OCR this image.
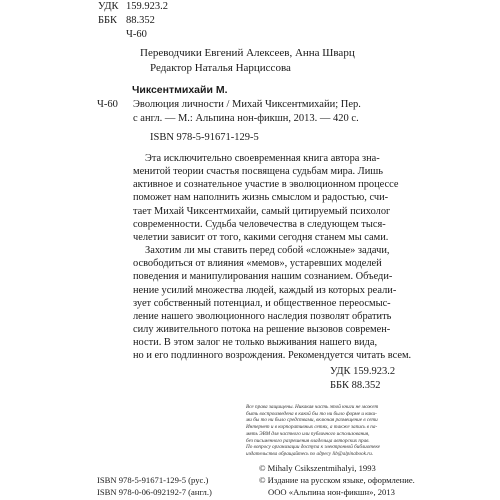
УДК 159.923.2
ББК 88.352
Ч-60
Переводчики Евгений Алексеев, Анна Шварц
Редактор Наталья Нарциссова
Чиксентмихайи М.
Ч-60 Эволюция личности / Михай Чиксентмихайи; Пер.
с англ. — М.: Альпина нон-фикшн, 2013. — 420 с.
ISBN 978-5-91671-129-5
Эта исключительно своевременная книга автора зна-
менитой теории счастья посвящена судьбам мира. Лишь
активное и сознательное участие в эволюционном процессе
поможет нам наполнить жизнь смыслом и радостью, счи-
тает Михай Чиксентмихайи, самый цитируемый психолог
современности. Судьба человечества в следующем тыся-
челетии зависит от того, какими сегодня станем мы сами.
Захотим ли мы ставить перед собой «сложные» задачи,
освободиться от влияния «мемов», устаревших моделей
поведения и манипулирования нашим сознанием. Объеди-
нение усилий множества людей, каждый из которых реали-
зует собственный потенциал, и общественное переосмыс-
ление нашего эволюционного наследия позволят обратить
силу живительного потока на решение вызовов современ-
ности. В этом залог не только выживания нашего вида,
но и его подлинного возрождения. Рекомендуется читать всем.
УДК 159.923.2
ББК 88.352
Все права защищены. Никакая часть этой книги не может
быть воспроизведена в какой бы то ни было форме и каки-
ми бы то ни было средствами, включая размещение в сети
Интернет и в корпоративных сетях, а также запись в па-
мять ЭВМ для частного или публичного использования,
без письменного разрешения владельца авторских прав.
По вопросу организации доступа к электронной библиотеке
издательства обращайтесь по адресу lib@alpinabook.ru.
© Mihaly Csikszentmihalyi, 1993
© Издание на русском языке, оформление.
ООО «Альпина нон-фикшн», 2013
ISBN 978-5-91671-129-5 (рус.)
ISBN 978-0-06-092192-7 (англ.)
